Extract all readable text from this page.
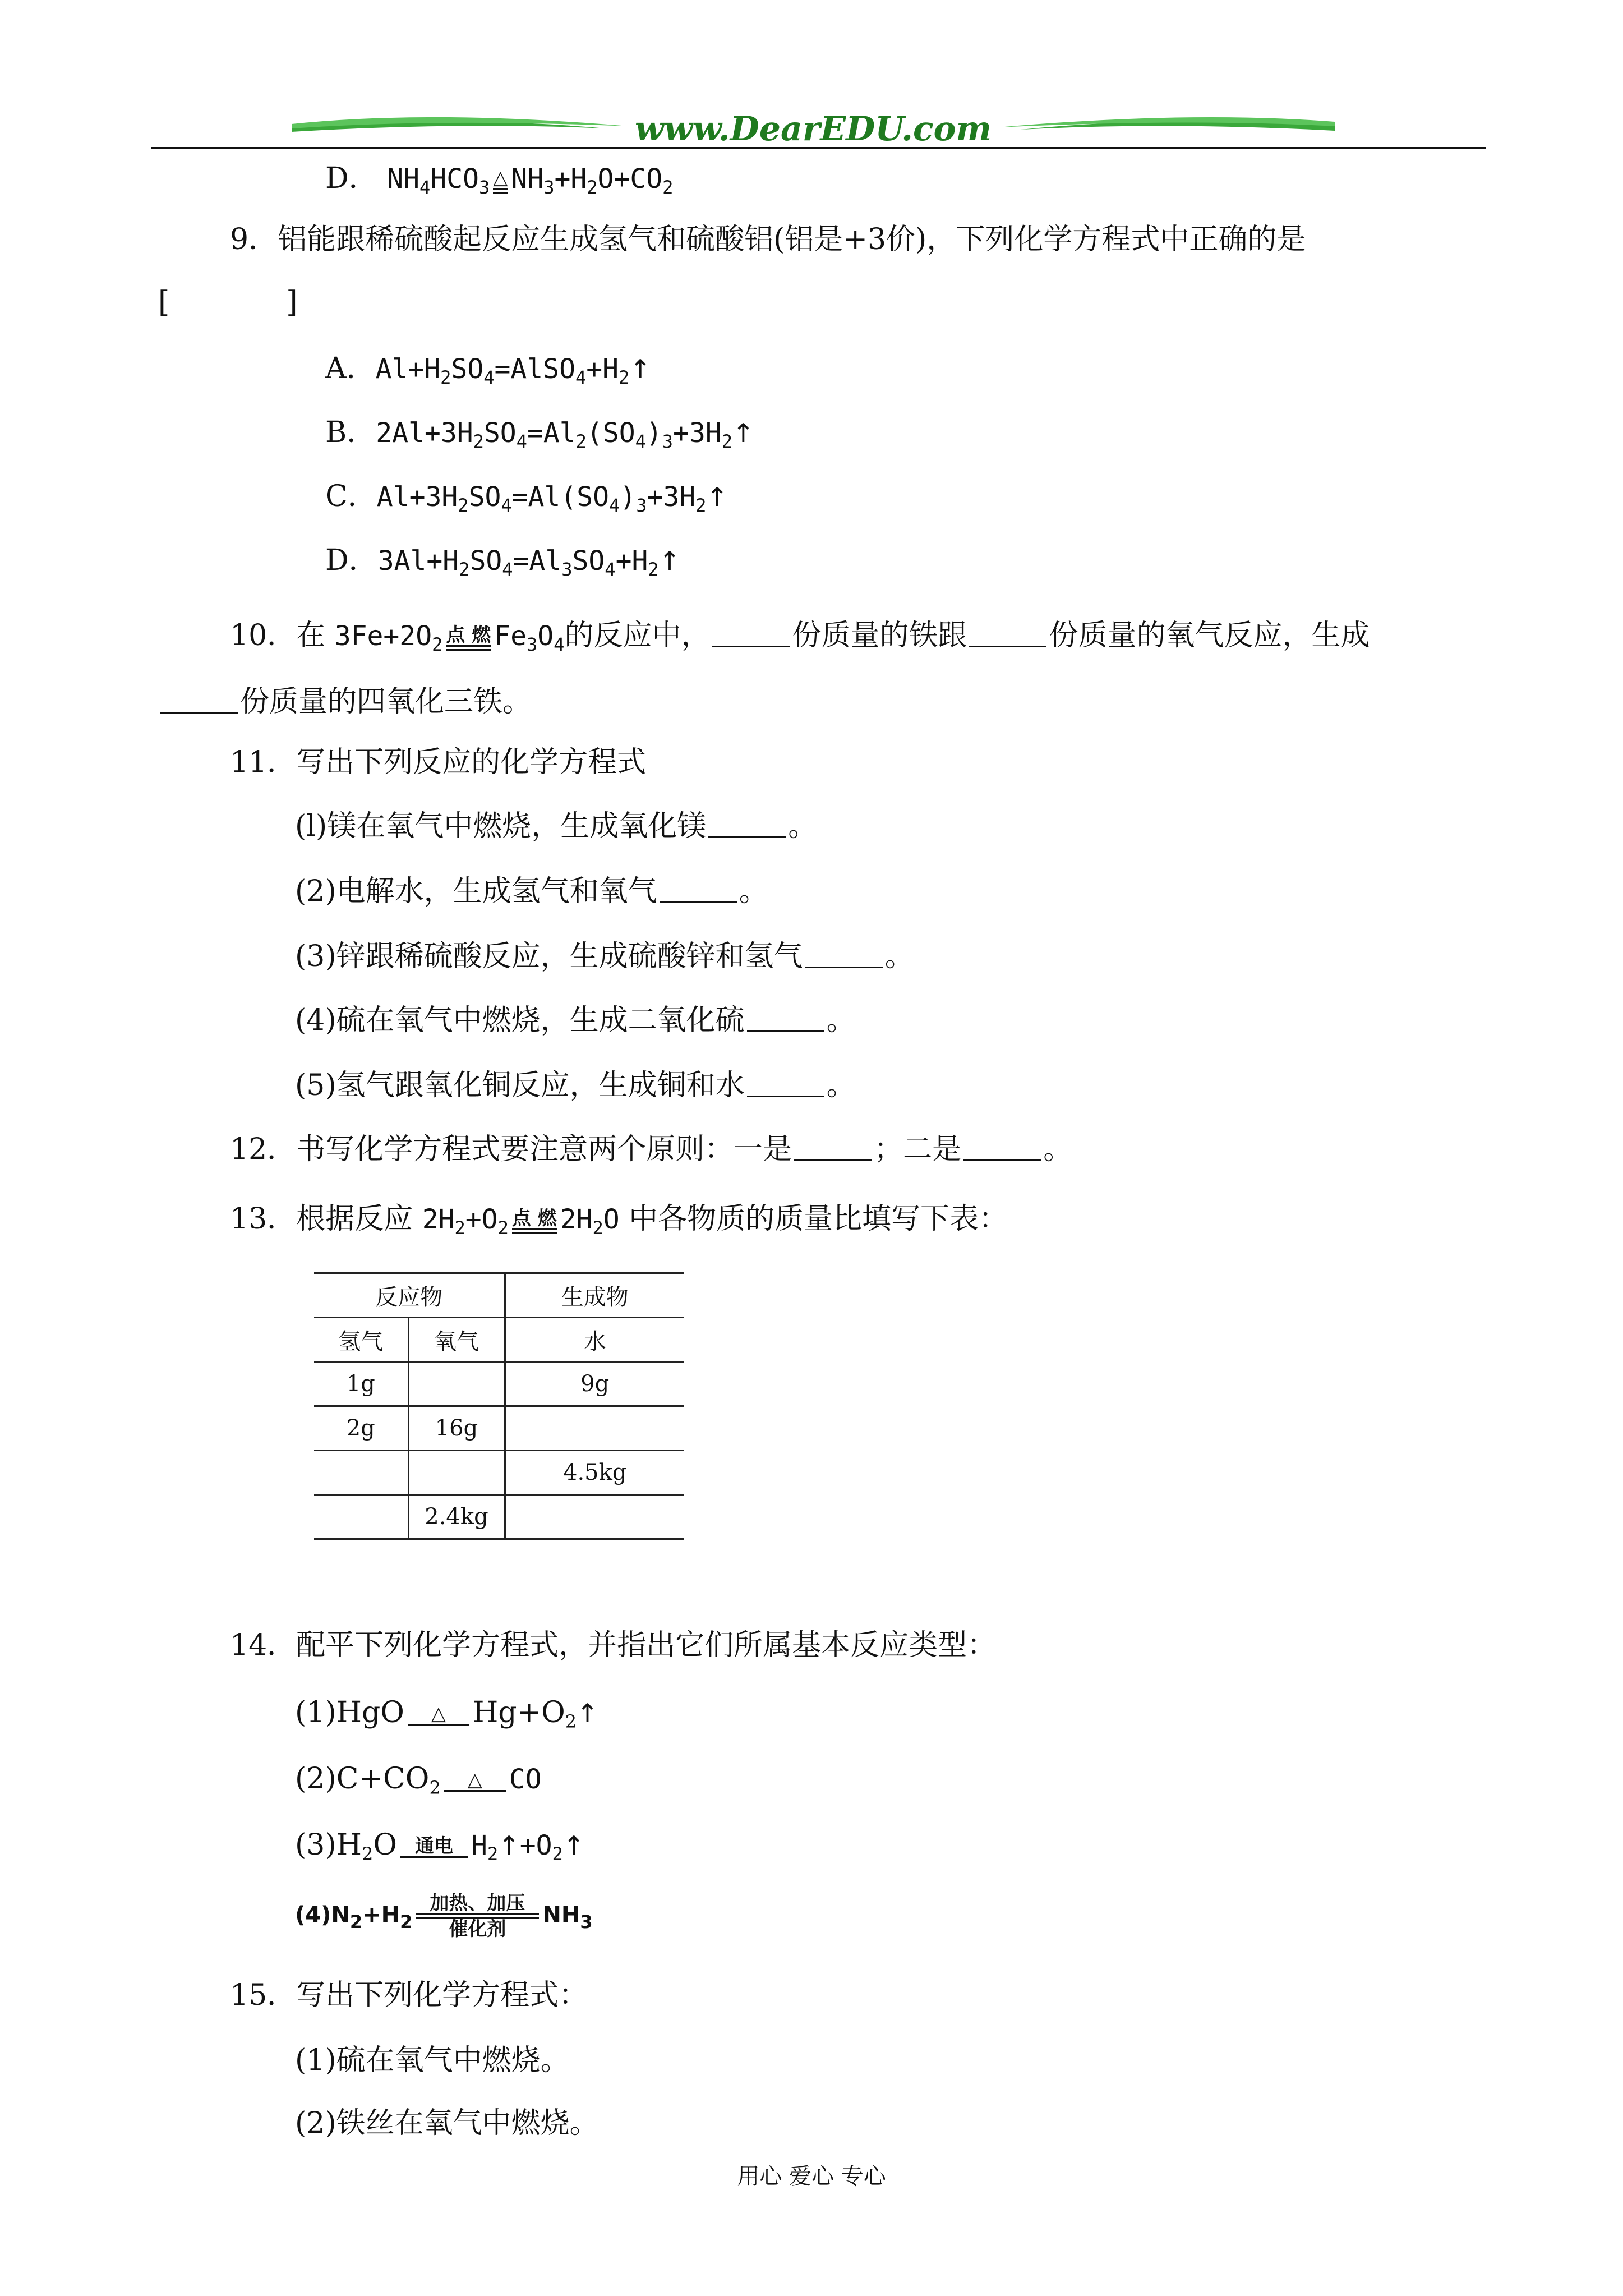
www.DearEDU.com
D． $NH_4HCO_3$ △ $NH_3+H_2O+CO_2$
9．铝能跟稀硫酸起反应生成氢气和硫酸铝(铝是+3价)，下列化学方程式中正确的是
[　　　　]
A．$Al+H_2SO_4=AlSO_4+H_2↑$
B．$2Al+3H_2SO_4=Al_2(SO_4)_3+3H_2↑$
C．$Al+3H_2SO_4=Al(SO_4)_3+3H_2↑$
D．$3Al+H_2SO_4=Al_3SO_4+H_2↑$
10．在 $3Fe+2O_2$ 点 燃 $Fe_3O_4$的反应中，	份质量的铁跟	份质量的氧气反应，生成
份质量的四氧化三铁。
11．写出下列反应的化学方程式
(l)镁在氧气中燃烧，生成氧化镁	。
(2)电解水，生成氢气和氧气	。
(3)锌跟稀硫酸反应，生成硫酸锌和氢气	。
(4)硫在氧气中燃烧，生成二氧化硫	。
(5)氢气跟氧化铜反应，生成铜和水	。
12．书写化学方程式要注意两个原则：一是	；二是	。
13．根据反应 $2H_2+O_2$ 点 燃 $2H_2O$ 中各物质的质量比填写下表：
反应物		生成物
氢气	氧气	水
1g		9g
2g	16g	
		4.5kg
	2.4kg	
14．配平下列化学方程式，并指出它们所属基本反应类型：
(1)HgO	△ $Hg+O_2↑$
$(2)C+CO_2$	△ CO
$(3)H_2O$ 通电 $H_2↑+O_2↑$
$(4)N_2+H_2$
加热、加压
催化剂
$NH_3$
15．写出下列化学方程式：
(1)硫在氧气中燃烧。
(2)铁丝在氧气中燃烧。
用心 爱心 专心
